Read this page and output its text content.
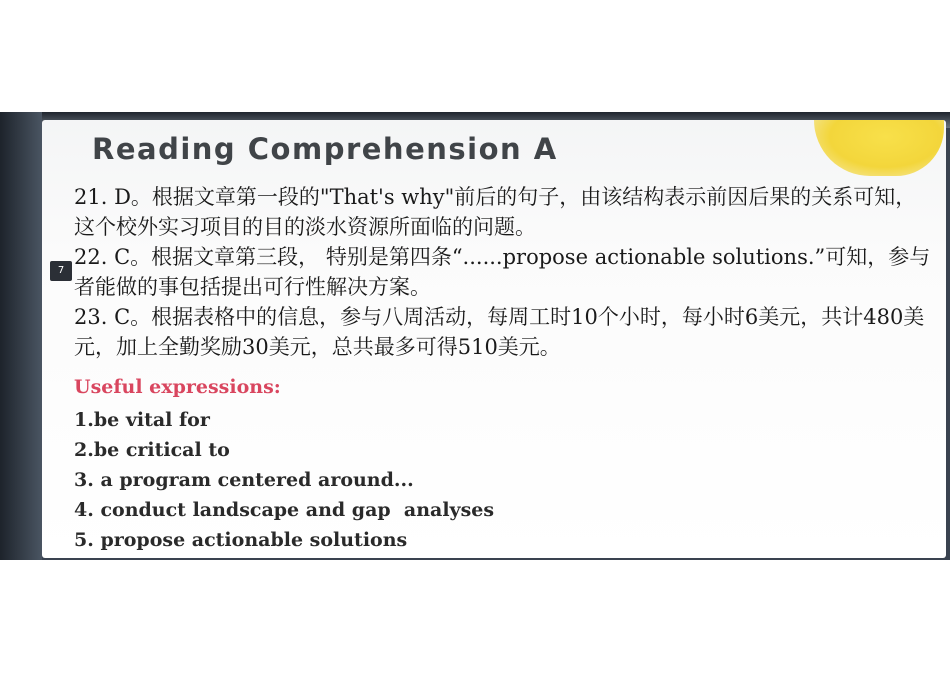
Reading Comprehension A

21. D。根据文章第一段的"That's why"前后的句子，由该结构表示前因后果的关系可知，这个校外实习项目的目的淡水资源所面临的问题。

22. C。根据文章第三段， 特别是第四条“......propose actionable solutions.”可知，参与者能做的事包括提出可行性解决方案。

23. C。根据表格中的信息，参与八周活动，每周工时10个小时，每小时6美元，共计480美元，加上全勤奖励30美元，总共最多可得510美元。

Useful expressions:

1.be vital for
2.be critical to
3. a program centered around...
4. conduct landscape and gap  analyses
5. propose actionable solutions
7
